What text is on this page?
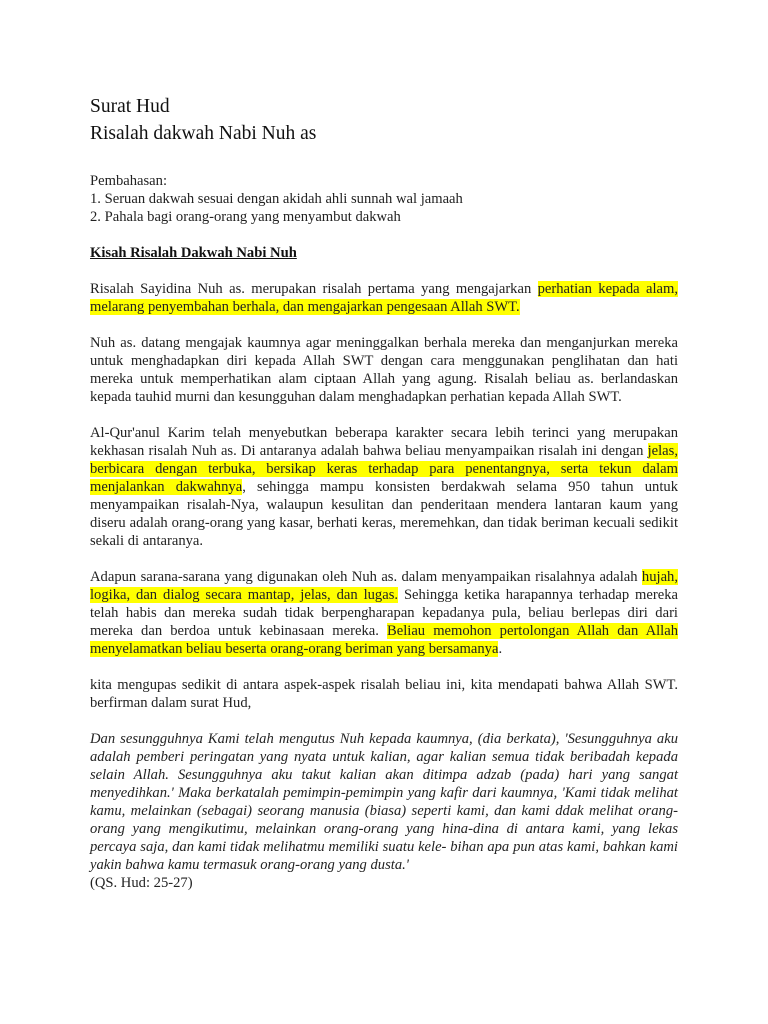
Surat Hud
Risalah dakwah Nabi Nuh as
Pembahasan:
1. Seruan dakwah sesuai dengan akidah ahli sunnah wal jamaah
2. Pahala bagi orang-orang yang menyambut dakwah
Kisah Risalah Dakwah Nabi Nuh

Risalah Sayidina Nuh as. merupakan risalah pertama yang mengajarkan perhatian kepada alam, melarang penyembahan berhala, dan mengajarkan pengesaan Allah SWT.

Nuh as. datang mengajak kaumnya agar meninggalkan berhala mereka dan menganjurkan mereka untuk menghadapkan diri kepada Allah SWT dengan cara menggunakan penglihatan dan hati mereka untuk memperhatikan alam ciptaan Allah yang agung. Risalah beliau as. berlandaskan kepada tauhid murni dan kesungguhan dalam menghadapkan perhatian kepada Allah SWT.

Al-Qur'anul Karim telah menyebutkan beberapa karakter secara lebih terinci yang merupakan kekhasan risalah Nuh as. Di antaranya adalah bahwa beliau menyampaikan risalah ini dengan jelas, berbicara dengan terbuka, bersikap keras terhadap para penentangnya, serta tekun dalam menjalankan dakwahnya, sehingga mampu konsisten berdakwah selama 950 tahun untuk menyampaikan risalah-Nya, walaupun kesulitan dan penderitaan mendera lantaran kaum yang diseru adalah orang-orang yang kasar, berhati keras, meremehkan, dan tidak beriman kecuali sedikit sekali di antaranya.

Adapun sarana-sarana yang digunakan oleh Nuh as. dalam menyampaikan risalahnya adalah hujah, logika, dan dialog secara mantap, jelas, dan lugas. Sehingga ketika harapannya terhadap mereka telah habis dan mereka sudah tidak berpengharapan kepadanya pula, beliau berlepas diri dari mereka dan berdoa untuk kebinasaan mereka. Beliau memohon pertolongan Allah dan Allah menyelamatkan beliau beserta orang-orang beriman yang bersamanya.

kita mengupas sedikit di antara aspek-aspek risalah beliau ini, kita mendapati bahwa Allah SWT. berfirman dalam surat Hud,

Dan sesungguhnya Kami telah mengutus Nuh kepada kaumnya, (dia berkata), 'Sesungguhnya aku adalah pemberi peringatan yang nyata untuk kalian, agar kalian semua tidak beribadah kepada selain Allah. Sesungguhnya aku takut kalian akan ditimpa adzab (pada) hari yang sangat menyedihkan.' Maka berkatalah pemimpin-pemimpin yang kafir dari kaumnya, 'Kami tidak melihat kamu, melainkan (sebagai) seorang manusia (biasa) seperti kami, dan kami ddak melihat orang-orang yang mengikutimu, melainkan orang-orang yang hina-dina di antara kami, yang lekas percaya saja, dan kami tidak melihatmu memiliki suatu kele- bihan apa pun atas kami, bahkan kami yakin bahwa kamu termasuk orang-orang yang dusta.'

(QS. Hud: 25-27)
